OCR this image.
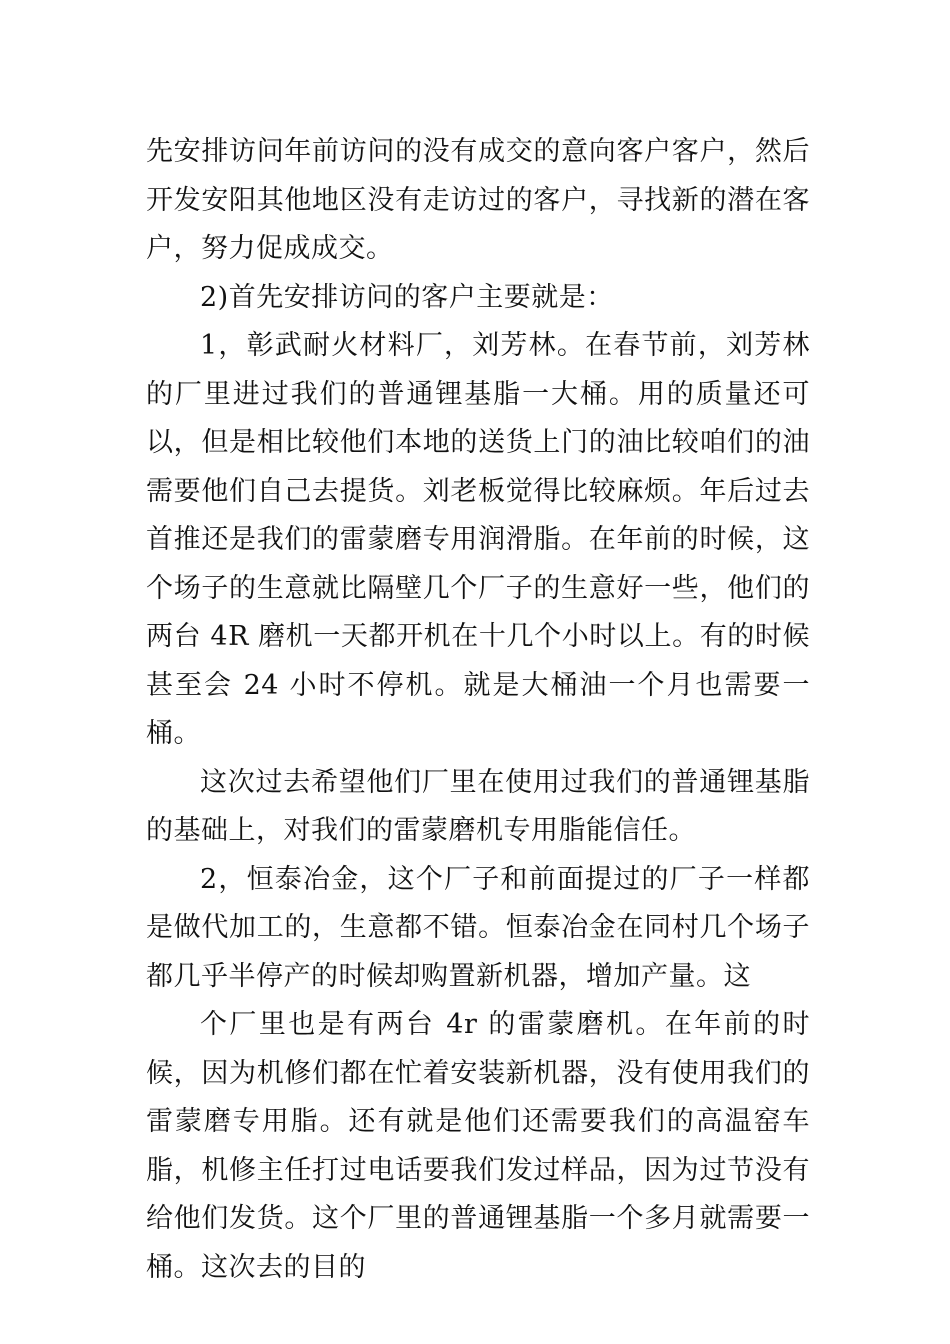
先安排访问年前访问的没有成交的意向客户客户，然后开发安阳其他地区没有走访过的客户，寻找新的潜在客户，努力促成成交。

2)首先安排访问的客户主要就是：

1，彰武耐火材料厂，刘芳林。在春节前，刘芳林的厂里进过我们的普通锂基脂一大桶。用的质量还可以，但是相比较他们本地的送货上门的油比较咱们的油需要他们自己去提货。刘老板觉得比较麻烦。年后过去首推还是我们的雷蒙磨专用润滑脂。在年前的时候，这个场子的生意就比隔壁几个厂子的生意好一些，他们的两台 4R 磨机一天都开机在十几个小时以上。有的时候甚至会 24 小时不停机。就是大桶油一个月也需要一桶。

这次过去希望他们厂里在使用过我们的普通锂基脂的基础上，对我们的雷蒙磨机专用脂能信任。

2，恒泰冶金，这个厂子和前面提过的厂子一样都是做代加工的，生意都不错。恒泰冶金在同村几个场子都几乎半停产的时候却购置新机器，增加产量。这

个厂里也是有两台 4r 的雷蒙磨机。在年前的时候，因为机修们都在忙着安装新机器，没有使用我们的雷蒙磨专用脂。还有就是他们还需要我们的高温窑车脂，机修主任打过电话要我们发过样品，因为过节没有给他们发货。这个厂里的普通锂基脂一个多月就需要一桶。这次去的目的
